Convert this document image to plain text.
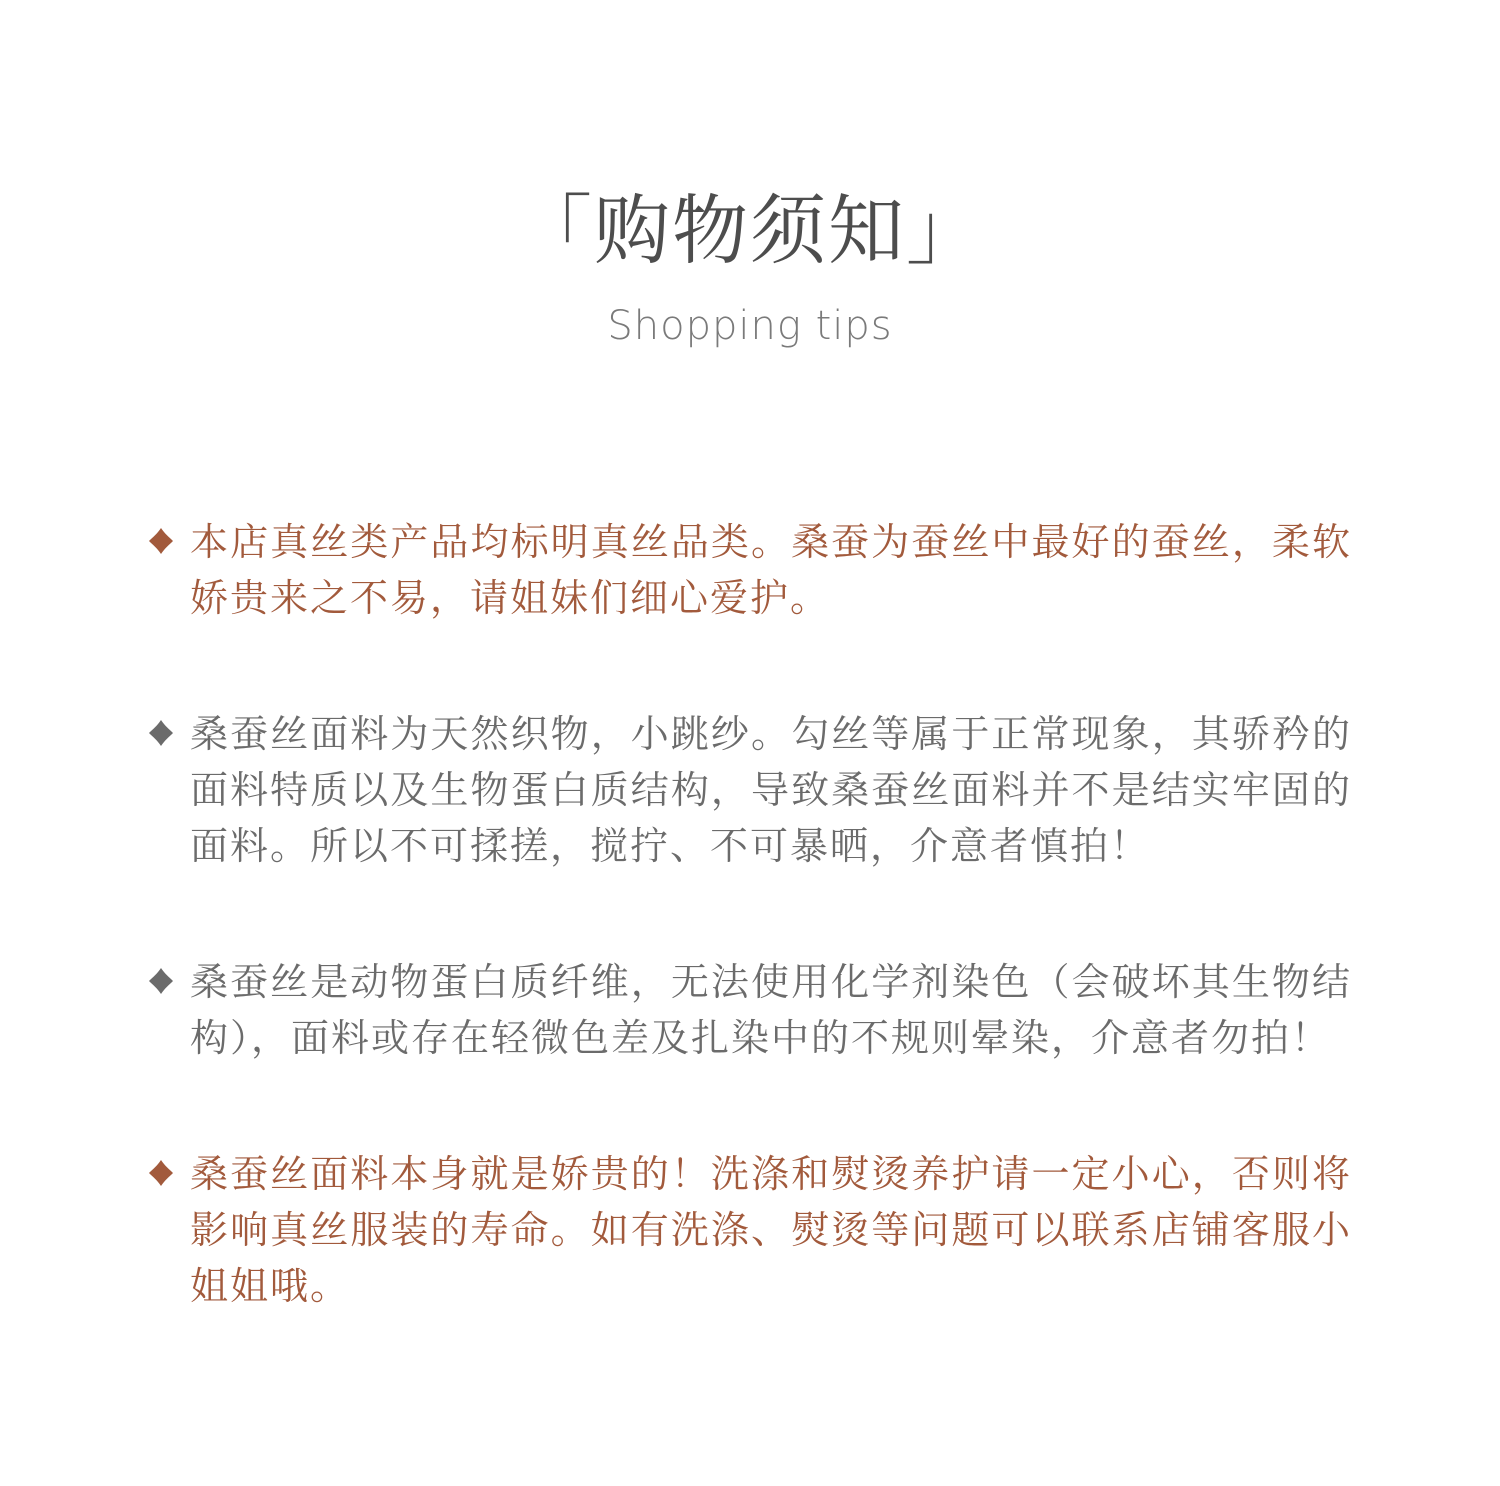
「购物须知」
Shopping tips
本店真丝类产品均标明真丝品类。桑蚕为蚕丝中最好的蚕丝，柔软娇贵来之不易，请姐妹们细心爱护。
桑蚕丝面料为天然织物，小跳纱。勾丝等属于正常现象，其骄矜的面料特质以及生物蛋白质结构，导致桑蚕丝面料并不是结实牢固的面料。所以不可揉搓，搅拧、不可暴晒，介意者慎拍！
桑蚕丝是动物蛋白质纤维，无法使用化学剂染色（会破坏其生物结构），面料或存在轻微色差及扎染中的不规则晕染，介意者勿拍！
桑蚕丝面料本身就是娇贵的！洗涤和熨烫养护请一定小心，否则将影响真丝服装的寿命。如有洗涤、熨烫等问题可以联系店铺客服小姐姐哦。
